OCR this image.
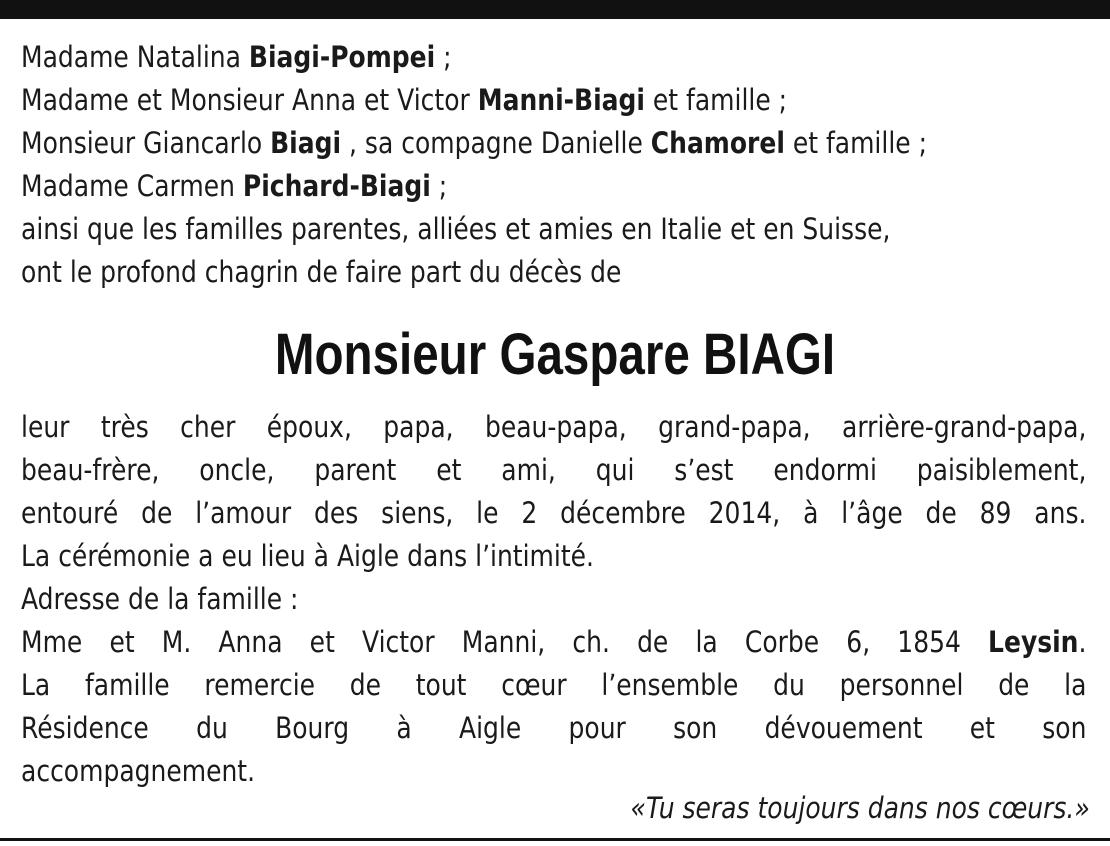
Madame Natalina Biagi-Pompei ;
Madame et Monsieur Anna et Victor Manni-Biagi et famille ;
Monsieur Giancarlo Biagi , sa compagne Danielle Chamorel et famille ;
Madame Carmen Pichard-Biagi ;
ainsi que les familles parentes, alliées et amies en Italie et en Suisse,
ont le profond chagrin de faire part du décès de
Monsieur Gaspare BIAGI
leur très cher époux, papa, beau-papa, grand-papa, arrière-grand-papa,
beau-frère, oncle, parent et ami, qui s’est endormi paisiblement,
entouré de l’amour des siens, le 2 décembre 2014, à l’âge de 89 ans.
La cérémonie a eu lieu à Aigle dans l’intimité.
Adresse de la famille :
Mme et M. Anna et Victor Manni, ch. de la Corbe 6, 1854 Leysin.
La famille remercie de tout cœur l’ensemble du personnel de la
Résidence du Bourg à Aigle pour son dévouement et son
accompagnement.
«Tu seras toujours dans nos cœurs.»
